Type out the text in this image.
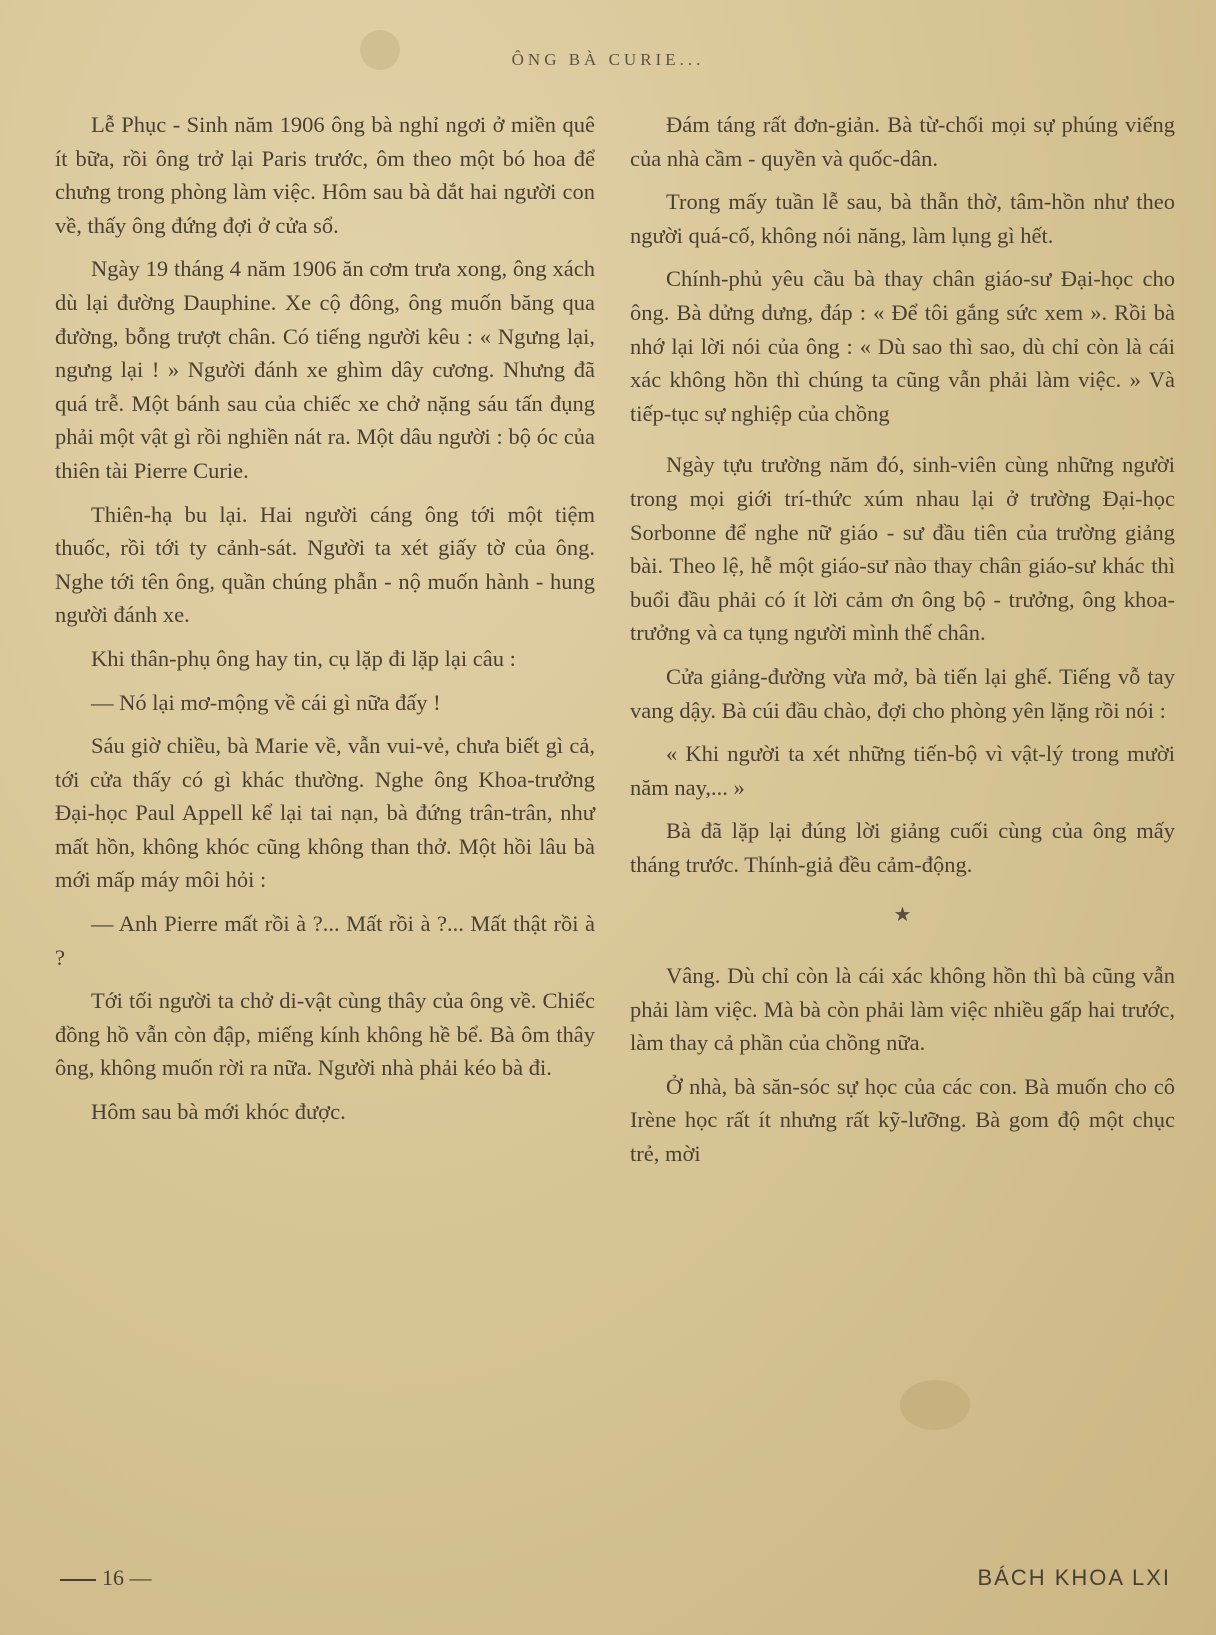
ÔNG BÀ CURIE...

Lễ Phục - Sinh năm 1906 ông bà nghỉ ngơi ở miền quê ít bữa, rồi ông trở lại Paris trước, ôm theo một bó hoa để chưng trong phòng làm việc. Hôm sau bà dắt hai người con về, thấy ông đứng đợi ở cửa sổ.

Ngày 19 tháng 4 năm 1906 ăn cơm trưa xong, ông xách dù lại đường Dauphine. Xe cộ đông, ông muốn băng qua đường, bỗng trượt chân. Có tiếng người kêu : « Ngưng lại, ngưng lại ! » Người đánh xe ghìm dây cương. Nhưng đã quá trễ. Một bánh sau của chiếc xe chở nặng sáu tấn đụng phải một vật gì rồi nghiền nát ra. Một dâu người : bộ óc của thiên tài Pierre Curie.

Thiên-hạ bu lại. Hai người cáng ông tới một tiệm thuốc, rồi tới ty cảnh-sát. Người ta xét giấy tờ của ông. Nghe tới tên ông, quần chúng phẫn - nộ muốn hành - hung người đánh xe.

Khi thân-phụ ông hay tin, cụ lặp đi lặp lại câu :

— Nó lại mơ-mộng về cái gì nữa đấy !

Sáu giờ chiều, bà Marie về, vẫn vui-vẻ, chưa biết gì cả, tới cửa thấy có gì khác thường. Nghe ông Khoa-trưởng Đại-học Paul Appell kể lại tai nạn, bà đứng trân-trân, như mất hồn, không khóc cũng không than thở. Một hồi lâu bà mới mấp máy môi hỏi :

— Anh Pierre mất rồi à ?... Mất rồi à ?... Mất thật rồi à ?

Tới tối người ta chở di-vật cùng thây của ông về. Chiếc đồng hồ vẫn còn đập, miếng kính không hề bể. Bà ôm thây ông, không muốn rời ra nữa. Người nhà phải kéo bà đi.

Hôm sau bà mới khóc được.

Đám táng rất đơn-giản. Bà từ-chối mọi sự phúng viếng của nhà cầm - quyền và quốc-dân.

Trong mấy tuần lễ sau, bà thẫn thờ, tâm-hồn như theo người quá-cố, không nói năng, làm lụng gì hết.

Chính-phủ yêu cầu bà thay chân giáo-sư Đại-học cho ông. Bà dửng dưng, đáp : « Để tôi gắng sức xem ». Rồi bà nhớ lại lời nói của ông : « Dù sao thì sao, dù chỉ còn là cái xác không hồn thì chúng ta cũng vẫn phải làm việc. » Và tiếp-tục sự nghiệp của chồng

Ngày tựu trường năm đó, sinh-viên cùng những người trong mọi giới trí-thức xúm nhau lại ở trường Đại-học Sorbonne để nghe nữ giáo - sư đầu tiên của trường giảng bài. Theo lệ, hễ một giáo-sư nào thay chân giáo-sư khác thì buổi đầu phải có ít lời cảm ơn ông bộ - trưởng, ông khoa-trưởng và ca tụng người mình thế chân.

Cửa giảng-đường vừa mở, bà tiến lại ghế. Tiếng vỗ tay vang dậy. Bà cúi đầu chào, đợi cho phòng yên lặng rồi nói :

« Khi người ta xét những tiến-bộ vì vật-lý trong mười năm nay,... »

Bà đã lặp lại đúng lời giảng cuối cùng của ông mấy tháng trước. Thính-giả đều cảm-động.

★

Vâng. Dù chỉ còn là cái xác không hồn thì bà cũng vẫn phải làm việc. Mà bà còn phải làm việc nhiều gấp hai trước, làm thay cả phần của chồng nữa.

Ở nhà, bà săn-sóc sự học của các con. Bà muốn cho cô Irène học rất ít nhưng rất kỹ-lưỡng. Bà gom độ một chục trẻ, mời

16 —	BÁCH KHOA LXI
